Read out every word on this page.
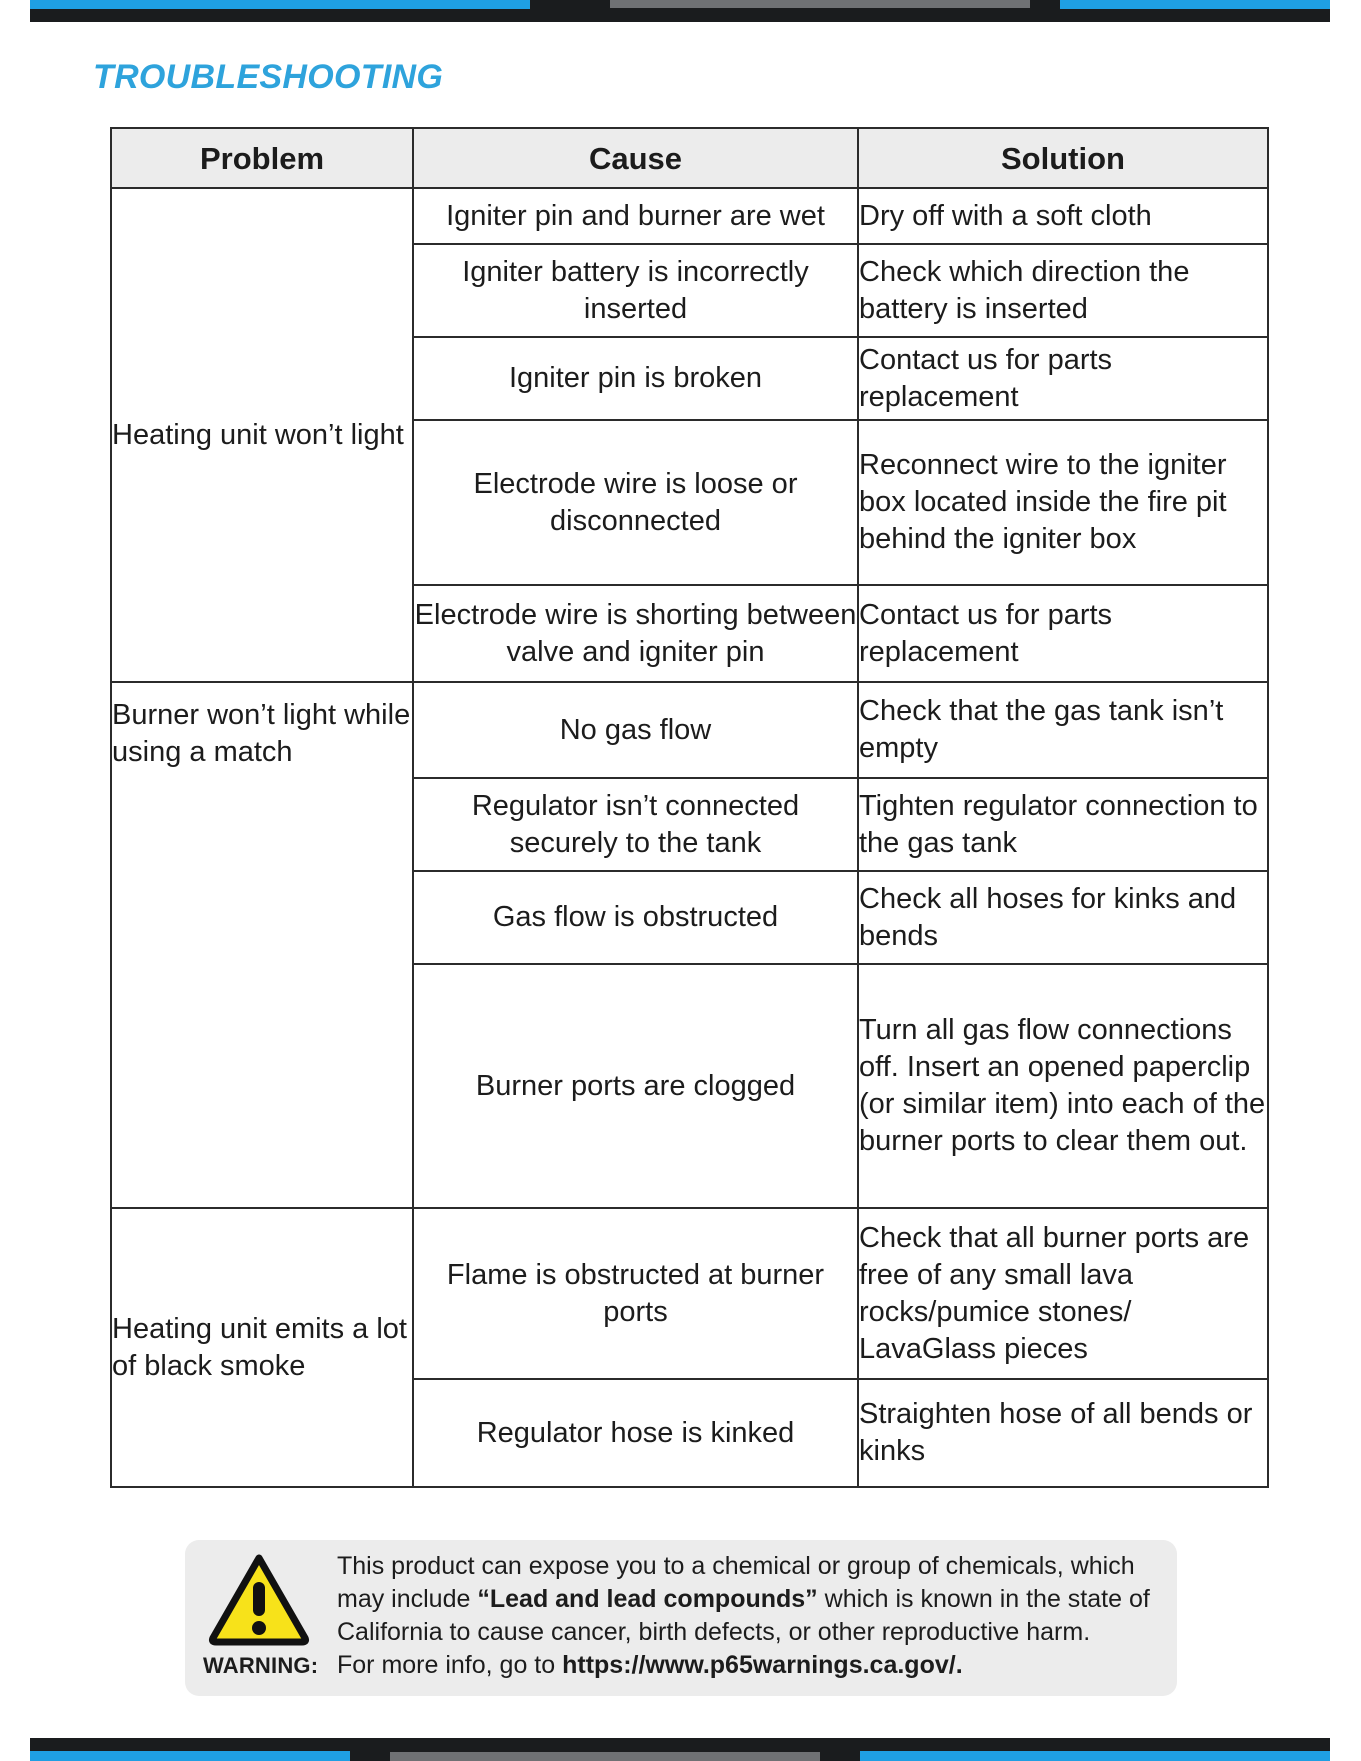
TROUBLESHOOTING
Problem	Cause	Solution
Heating unit won’t light	Igniter pin and burner are wet	Dry off with a soft cloth
	Igniter battery is incorrectly inserted	Check which direction the battery is inserted
	Igniter pin is broken	Contact us for parts replacement
	Electrode wire is loose or disconnected	Reconnect wire to the igniter box located inside the fire pit behind the igniter box
	Electrode wire is shorting between valve and igniter pin	Contact us for parts replacement
Burner won’t light while using a match	No gas flow	Check that the gas tank isn’t empty
	Regulator isn’t connected securely to the tank	Tighten regulator connection to the gas tank
	Gas flow is obstructed	Check all hoses for kinks and bends
	Burner ports are clogged	Turn all gas flow connections off. Insert an opened paperclip (or similar item) into each of the burner ports to clear them out.
Heating unit emits a lot of black smoke	Flame is obstructed at burner ports	Check that all burner ports are free of any small lava rocks/pumice stones/ LavaGlass pieces
	Regulator hose is kinked	Straighten hose of all bends or kinks
WARNING:
This product can expose you to a chemical or group of chemicals, which
may include “Lead and lead compounds” which is known in the state of
California to cause cancer, birth defects, or other reproductive harm.
For more info, go to https://www.p65warnings.ca.gov/.
